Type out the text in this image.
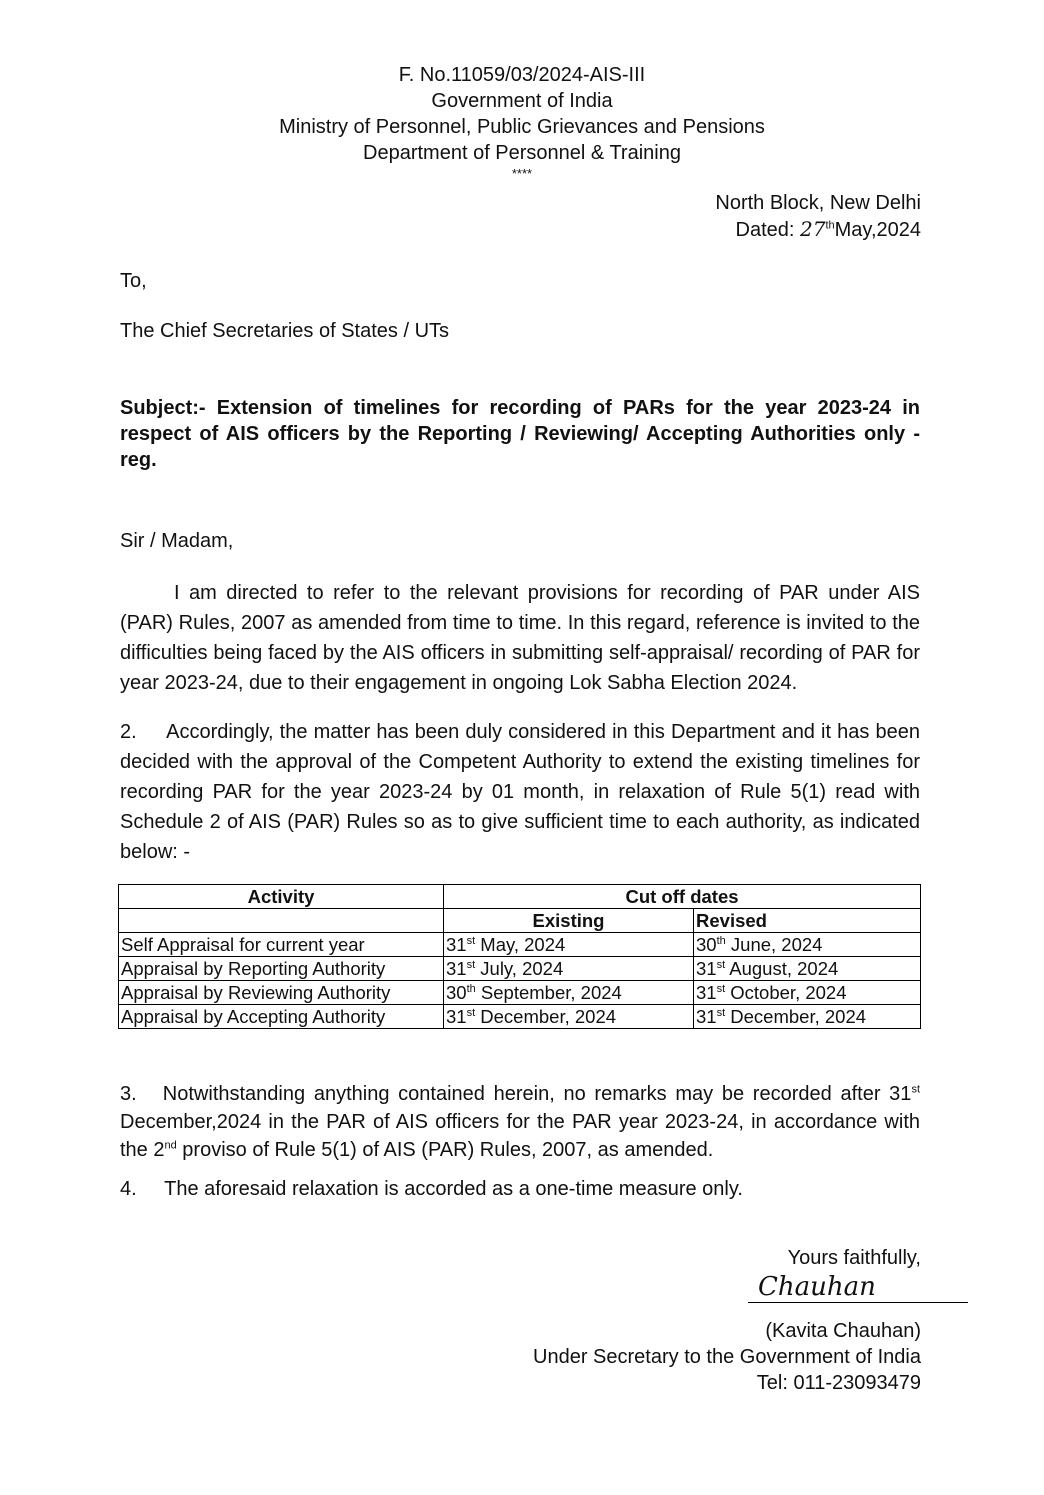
F. No.11059/03/2024-AIS-III
Government of India
Ministry of Personnel, Public Grievances and Pensions
Department of Personnel & Training
****
North Block, New Delhi
Dated: 27thMay,2024
To,
The Chief Secretaries of States / UTs
Subject:- Extension of timelines for recording of PARs for the year 2023-24 in respect of AIS officers by the Reporting / Reviewing/ Accepting Authorities only - reg.
Sir / Madam,
I am directed to refer to the relevant provisions for recording of PAR under AIS (PAR) Rules, 2007 as amended from time to time. In this regard, reference is invited to the difficulties being faced by the AIS officers in submitting self-appraisal/ recording of PAR for year 2023-24, due to their engagement in ongoing Lok Sabha Election 2024.
2.     Accordingly, the matter has been duly considered in this Department and it has been decided with the approval of the Competent Authority to extend the existing timelines for recording PAR for the year 2023-24 by 01 month, in relaxation of Rule 5(1) read with Schedule 2 of AIS (PAR) Rules so as to give sufficient time to each authority, as indicated below: -
Activity	Cut off dates	
	Existing	Revised
Self Appraisal for current year	31st May, 2024	30th June, 2024
Appraisal by Reporting Authority	31st July, 2024	31st August, 2024
Appraisal by Reviewing Authority	30th September, 2024	31st October, 2024
Appraisal by Accepting Authority	31st December, 2024	31st December, 2024
3.   Notwithstanding anything contained herein, no remarks may be recorded after 31st December,2024 in the PAR of AIS officers for the PAR year 2023-24, in accordance with the 2nd proviso of Rule 5(1) of AIS (PAR) Rules, 2007, as amended.
4.     The aforesaid relaxation is accorded as a one-time measure only.
Yours faithfully,
Chauhan
(Kavita Chauhan)
Under Secretary to the Government of India
Tel: 011-23093479
